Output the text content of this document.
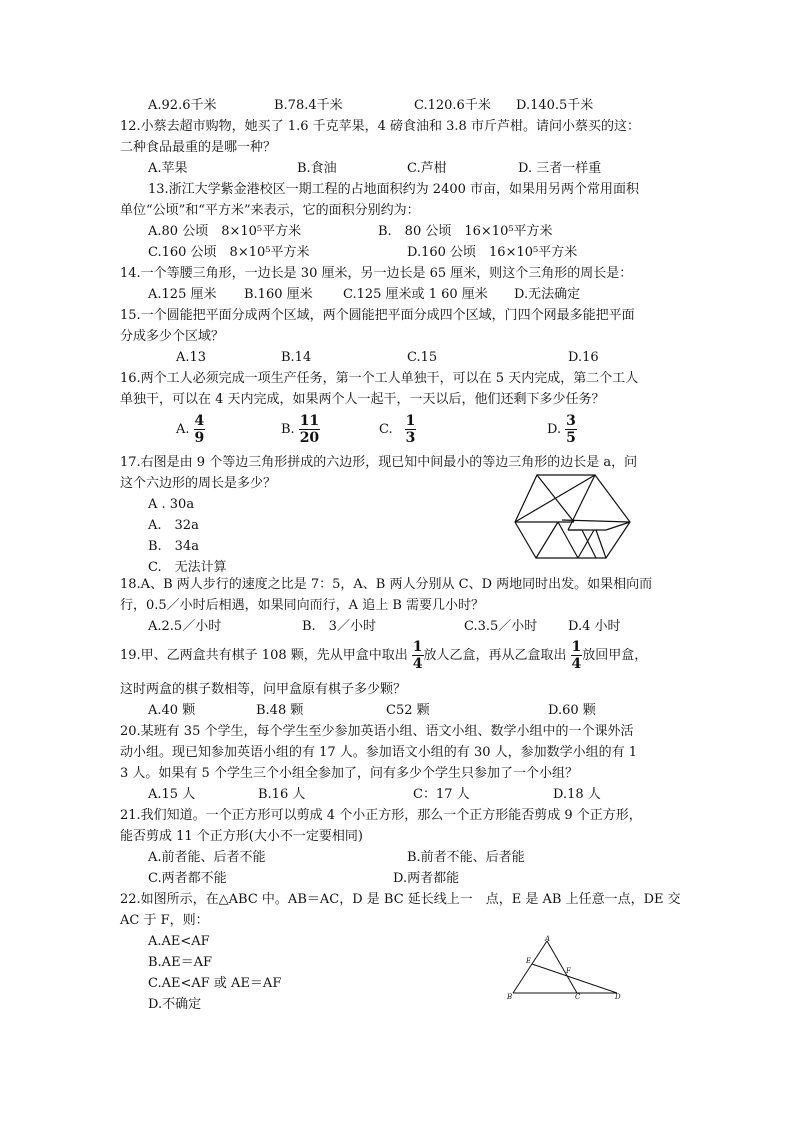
A.92.6千米	B.78.4千米	C.120.6千米 D.140.5千米
12.小蔡去超市购物，她买了 1.6 千克苹果，4 磅食油和 3.8 市斤芦柑。请问小蔡买的这：
二种食品最重的是哪一种？
A.苹果	B.食油	C.芦柑	D. 三者一样重
13.浙江大学紫金港校区一期工程的占地面积约为 2400 市亩，如果用另两个常用面积
单位“公顷”和“平方米”来表示，它的面积分别约为：
A.80 公顷　8×10⁵平方米	B.　80 公顷　16×10⁵平方米
C.160 公顷　8×10⁵平方米	D.160 公顷　16×10⁵平方米
14.一个等腰三角形，一边长是 30 厘米，另一边长是 65 厘米，则这个三角形的周长是：
A.125 厘米 B.160 厘米 C.125 厘米或 1 60 厘米 D.无法确定
15.一个圆能把平面分成两个区域，两个圆能把平面分成四个区域，门四个网最多能把平面
分成多少个区域？
A.13	B.14	C.15	D.16
16.两个工人必须完成一项生产任务，第一个工人单独干，可以在 5 天内完成，第二个工人
单独干，可以在 4 天内完成，如果两个人一起干，一天以后，他们还剩下多少任务？
A. $\frac{4}{9}$	B. $\frac{11}{20}$	C. $\frac{1}{3}$	D. $\frac{3}{5}$
17.右图是由 9 个等边三角形拼成的六边形，现已知中间最小的等边三角形的边长是 a，问
这个六边形的周长是多少？
A . 30a
A.　32a
B.　34a
C.　无法计算
18.A、B 两人步行的速度之比是 7：5，A、B 两人分别从 C、D 两地同时出发。如果相向而
行，0.5／小时后相遇，如果同向而行，A 追上 B 需要几小时？
A.2.5／小时	B.　3／小时	C.3.5／小时 D.4 小时
19.甲、乙两盒共有棋子 108 颗，先从甲盒中取出 $\frac{1}{4}$ 放人乙盒，再从乙盒取出 $\frac{1}{4}$ 放回甲盒，
这时两盒的棋子数相等，问甲盒原有棋子多少颗？
A.40 颗	B.48 颗	C52 颗	D.60 颗
20.某班有 35 个学生，每个学生至少参加英语小组、语文小组、数学小组中的一个课外活
动小组。现已知参加英语小组的有 17 人。参加语文小组的有 30 人，参加数学小组的有 1
3 人。如果有 5 个学生三个小组全参加了，问有多少个学生只参加了一个小组？
A.15 人	B.16 人	C：17 人	D.18 人
21.我们知道。一个正方形可以剪成 4 个小正方形，那么一个正方形能否剪成 9 个正方形，
能否剪成 11 个正方形(大小不一定要相同)
A.前者能、后者不能	B.前者不能、后者能
C.两者都不能	D.两者都能
22.如图所示，在△ABC 中。AB＝AC，D 是 BC 延长线上一　点，E 是 AB 上任意一点，DE 交
AC 于 F，则：
A.AE<AF
B.AE＝AF
C.AE<AF 或 AE＝AF
D.不确定
A
B	C	D
E
F
